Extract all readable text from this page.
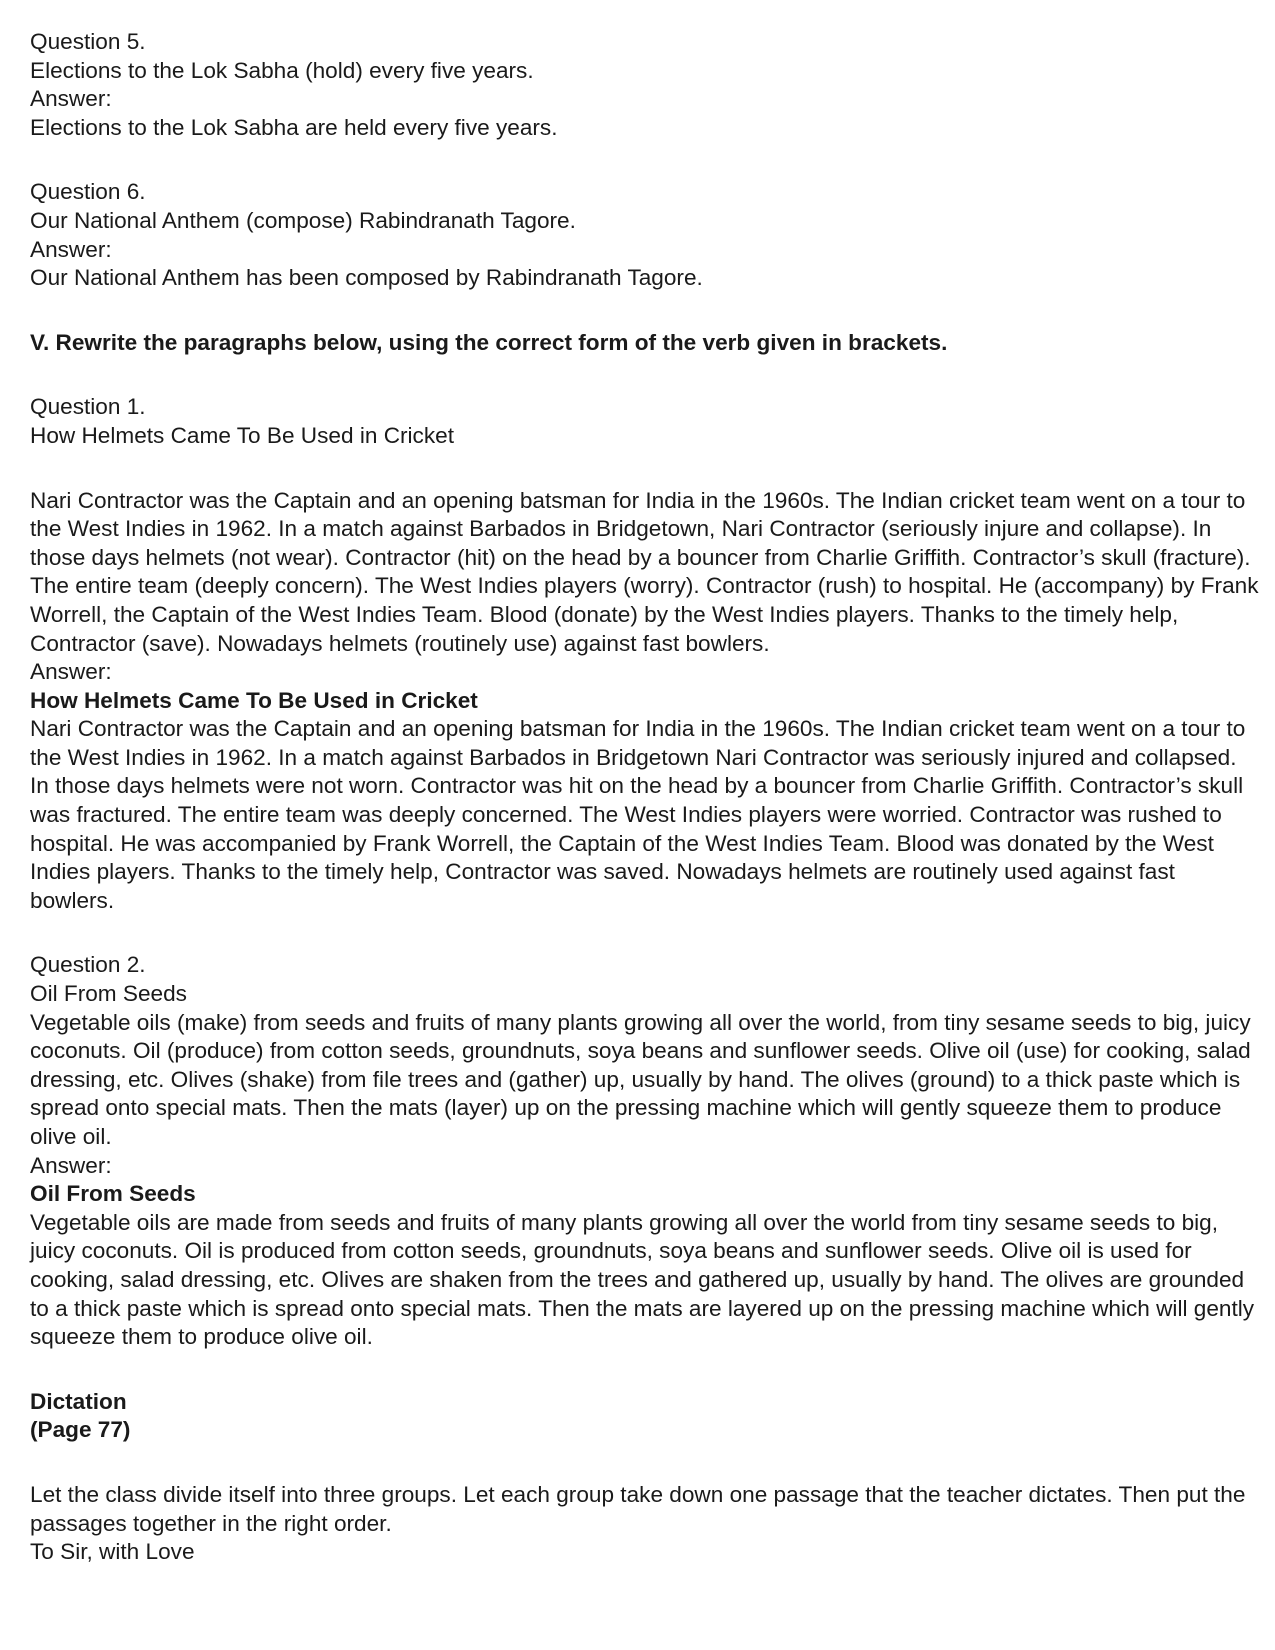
Question 5.
Elections to the Lok Sabha (hold) every five years.
Answer:
Elections to the Lok Sabha are held every five years.
Question 6.
Our National Anthem (compose) Rabindranath Tagore.
Answer:
Our National Anthem has been composed by Rabindranath Tagore.
V. Rewrite the paragraphs below, using the correct form of the verb given in brackets.
Question 1.
How Helmets Came To Be Used in Cricket
Nari Contractor was the Captain and an opening batsman for India in the 1960s. The Indian cricket team went on a tour to the West Indies in 1962. In a match against Barbados in Bridgetown, Nari Contractor (seriously injure and collapse). In those days helmets (not wear). Contractor (hit) on the head by a bouncer from Charlie Griffith. Contractor’s skull (fracture). The entire team (deeply concern). The West Indies players (worry). Contractor (rush) to hospital. He (accompany) by Frank Worrell, the Captain of the West Indies Team. Blood (donate) by the West Indies players. Thanks to the timely help, Contractor (save). Nowadays helmets (routinely use) against fast bowlers.
Answer:
How Helmets Came To Be Used in Cricket
Nari Contractor was the Captain and an opening batsman for India in the 1960s. The Indian cricket team went on a tour to the West Indies in 1962. In a match against Barbados in Bridgetown Nari Contractor was seriously injured and collapsed. In those days helmets were not worn. Contractor was hit on the head by a bouncer from Charlie Griffith. Contractor’s skull was fractured. The entire team was deeply concerned. The West Indies players were worried. Contractor was rushed to hospital. He was accompanied by Frank Worrell, the Captain of the West Indies Team. Blood was donated by the West Indies players. Thanks to the timely help, Contractor was saved. Nowadays helmets are routinely used against fast bowlers.
Question 2.
Oil From Seeds
Vegetable oils (make) from seeds and fruits of many plants growing all over the world, from tiny sesame seeds to big, juicy coconuts. Oil (produce) from cotton seeds, groundnuts, soya beans and sunflower seeds. Olive oil (use) for cooking, salad dressing, etc. Olives (shake) from file trees and (gather) up, usually by hand. The olives (ground) to a thick paste which is spread onto special mats. Then the mats (layer) up on the pressing machine which will gently squeeze them to produce olive oil.
Answer:
Oil From Seeds
Vegetable oils are made from seeds and fruits of many plants growing all over the world from tiny sesame seeds to big, juicy coconuts. Oil is produced from cotton seeds, groundnuts, soya beans and sunflower seeds. Olive oil is used for cooking, salad dressing, etc. Olives are shaken from the trees and gathered up, usually by hand. The olives are grounded to a thick paste which is spread onto special mats. Then the mats are layered up on the pressing machine which will gently squeeze them to produce olive oil.
Dictation
(Page 77)
Let the class divide itself into three groups. Let each group take down one passage that the teacher dictates. Then put the passages together in the right order.
To Sir, with Love
